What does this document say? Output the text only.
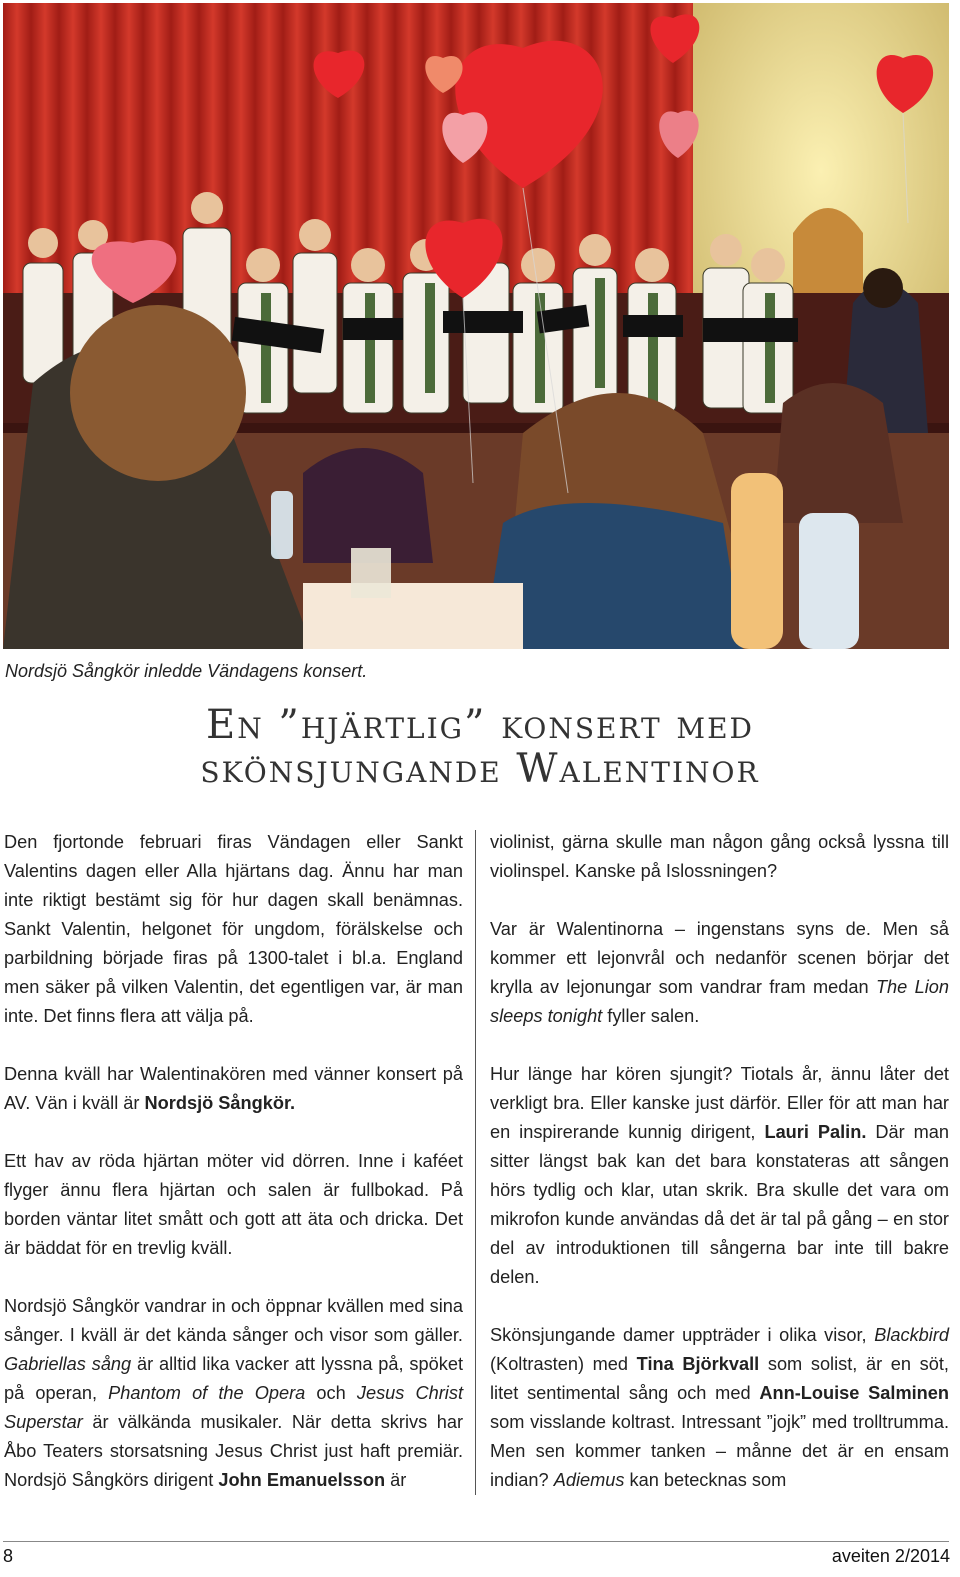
Nordsjö Sångkör inledde Vändagens konsert.
En ”hjärtlig” konsert med
skönsjungande Walentinor

Den fjortonde februari firas Vändagen eller Sankt Valentins dagen eller Alla hjärtans dag. Ännu har man inte riktigt bestämt sig för hur dagen skall benämnas. Sankt Valentin, helgonet för ungdom, förälskelse och parbildning började firas på 1300-talet i bl.a. England men säker på vilken Valentin, det egentligen var, är man inte. Det finns flera att välja på.

Denna kväll har Walentinakören med vänner konsert på AV. Vän i kväll är Nordsjö Sångkör.

Ett hav av röda hjärtan möter vid dörren. Inne i kaféet flyger ännu flera hjärtan och salen är fullbokad. På borden väntar litet smått och gott att äta och dricka. Det är bäddat för en trevlig kväll.

Nordsjö Sångkör vandrar in och öppnar kvällen med sina sånger. I kväll är det kända sånger och visor som gäller. Gabriellas sång är alltid lika vacker att lyssna på, spöket på operan, Phantom of the Opera och Jesus Christ Superstar är välkända musikaler. När detta skrivs har Åbo Teaters storsatsning Jesus Christ just haft premiär. Nordsjö Sångkörs dirigent John Emanuelsson är

violinist, gärna skulle man någon gång också lyssna till violinspel. Kanske på Islossningen?

Var är Walentinorna – ingenstans syns de. Men så kommer ett lejonvrål och nedanför scenen börjar det krylla av lejonungar som vandrar fram medan The Lion sleeps tonight fyller salen.

Hur länge har kören sjungit? Tiotals år, ännu låter det verkligt bra. Eller kanske just därför. Eller för att man har en inspirerande kunnig dirigent, Lauri Palin. Där man sitter längst bak kan det bara konstateras att sången hörs tydlig och klar, utan skrik. Bra skulle det vara om mikrofon kunde användas då det är tal på gång – en stor del av introduktionen till sångerna bar inte till bakre delen.

Skönsjungande damer uppträder i olika visor, Blackbird (Koltrasten) med Tina Björkvall som solist, är en söt, litet sentimental sång och med Ann-Louise Salminen som visslande koltrast. Intressant ”jojk” med trolltrumma. Men sen kommer tanken – månne det är en ensam indian? Adiemus kan betecknas som

8	aveiten 2/2014
